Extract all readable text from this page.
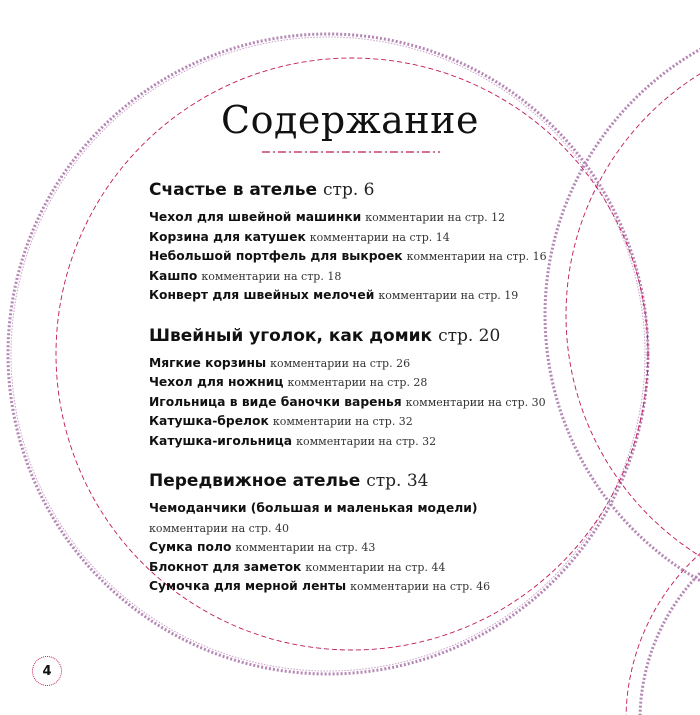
Содержание
Счастье в ателье стр. 6
Чехол для швейной машинки комментарии на стр. 12
Корзина для катушек комментарии на стр. 14
Небольшой портфель для выкроек комментарии на стр. 16
Кашпо комментарии на стр. 18
Конверт для швейных мелочей комментарии на стр. 19
Швейный уголок, как домик стр. 20
Мягкие корзины комментарии на стр. 26
Чехол для ножниц комментарии на стр. 28
Игольница в виде баночки варенья комментарии на стр. 30
Катушка-брелок комментарии на стр. 32
Катушка-игольница комментарии на стр. 32
Передвижное ателье стр. 34
Чемоданчики (большая и маленькая модели)
комментарии на стр. 40
Сумка поло комментарии на стр. 43
Блокнот для заметок комментарии на стр. 44
Сумочка для мерной ленты комментарии на стр. 46
4
